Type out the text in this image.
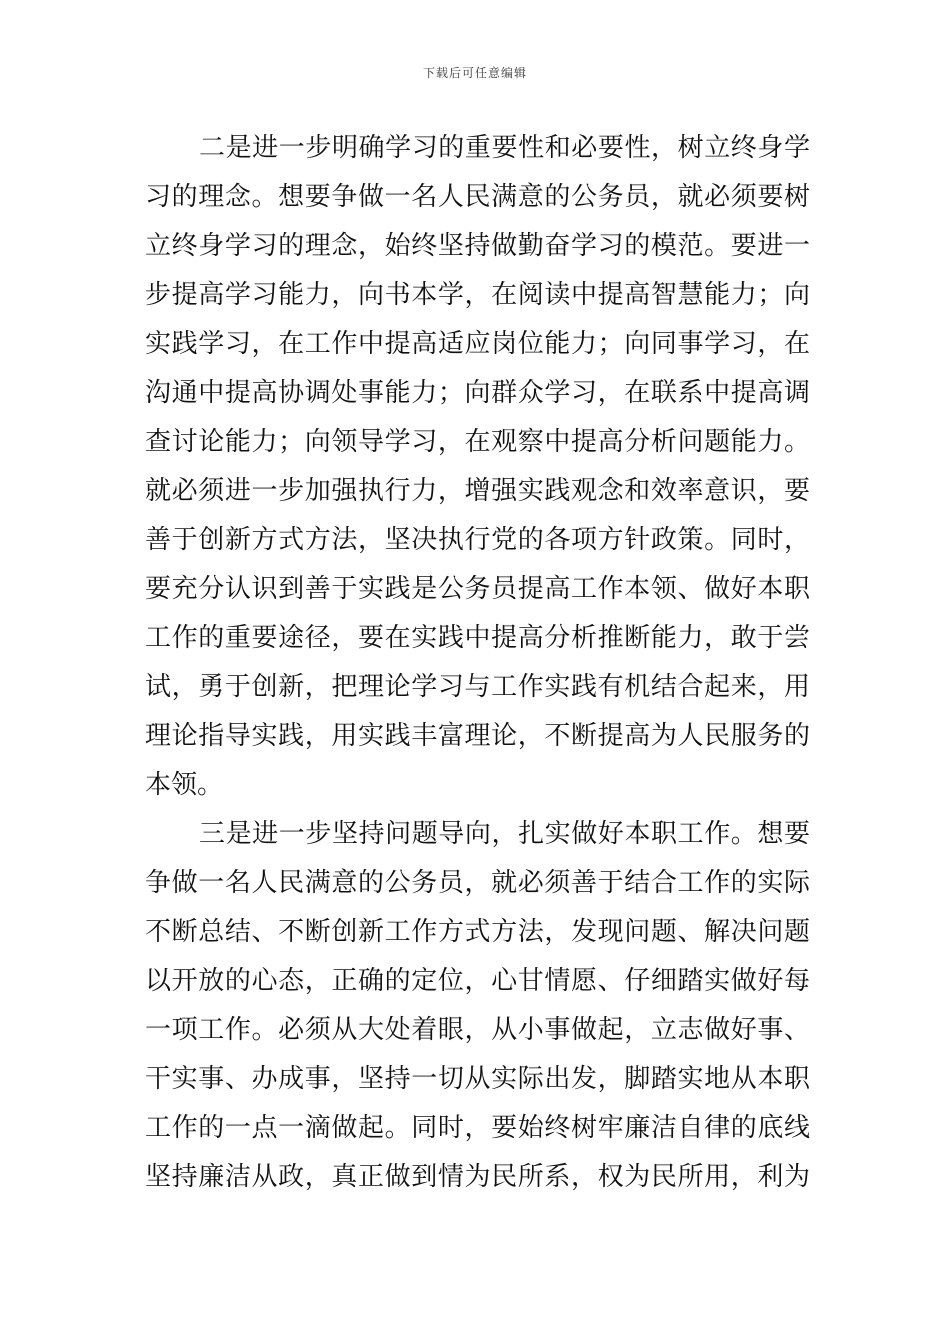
下载后可任意编辑
二是进一步明确学习的重要性和必要性，树立终身学
习的理念。想要争做一名人民满意的公务员，就必须要树
立终身学习的理念，始终坚持做勤奋学习的模范。要进一
步提高学习能力，向书本学，在阅读中提高智慧能力；向
实践学习，在工作中提高适应岗位能力；向同事学习，在
沟通中提高协调处事能力；向群众学习，在联系中提高调
查讨论能力；向领导学习，在观察中提高分析问题能力。
就必须进一步加强执行力，增强实践观念和效率意识，要
善于创新方式方法，坚决执行党的各项方针政策。同时，
要充分认识到善于实践是公务员提高工作本领、做好本职
工作的重要途径，要在实践中提高分析推断能力，敢于尝
试，勇于创新，把理论学习与工作实践有机结合起来，用
理论指导实践，用实践丰富理论，不断提高为人民服务的
本领。
三是进一步坚持问题导向，扎实做好本职工作。想要
争做一名人民满意的公务员，就必须善于结合工作的实际
不断总结、不断创新工作方式方法，发现问题、解决问题
以开放的心态，正确的定位，心甘情愿、仔细踏实做好每
一项工作。必须从大处着眼，从小事做起，立志做好事、
干实事、办成事，坚持一切从实际出发，脚踏实地从本职
工作的一点一滴做起。同时，要始终树牢廉洁自律的底线
坚持廉洁从政，真正做到情为民所系，权为民所用，利为
